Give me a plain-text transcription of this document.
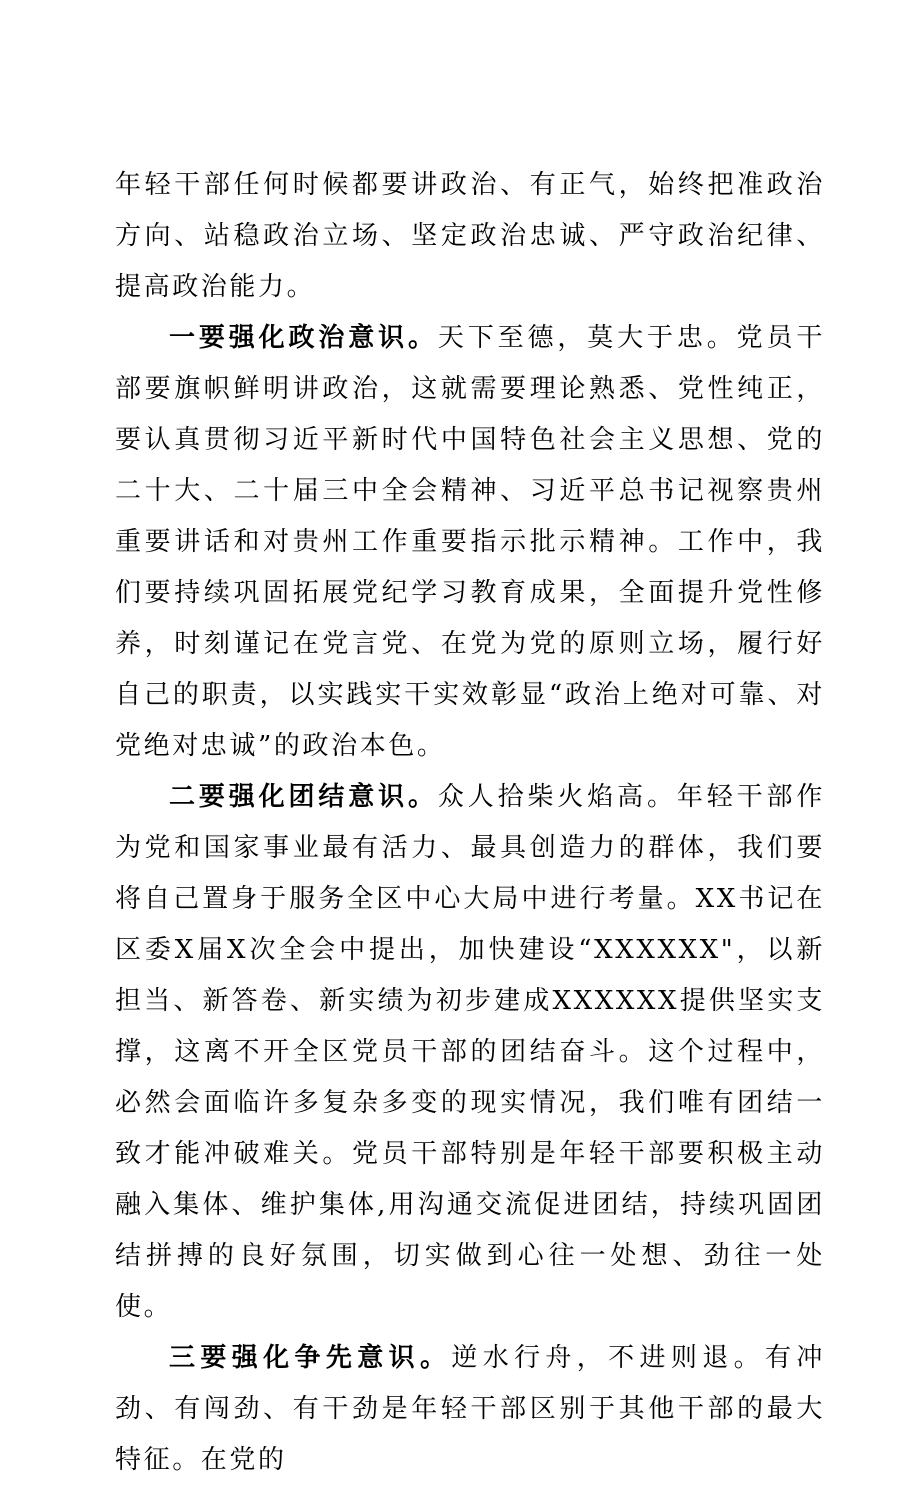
年轻干部任何时候都要讲政治、有正气，始终把准政治方向、站稳政治立场、坚定政治忠诚、严守政治纪律、提高政治能力。

一要强化政治意识。天下至德，莫大于忠。党员干部要旗帜鲜明讲政治，这就需要理论熟悉、党性纯正，要认真贯彻习近平新时代中国特色社会主义思想、党的二十大、二十届三中全会精神、习近平总书记视察贵州重要讲话和对贵州工作重要指示批示精神。工作中，我们要持续巩固拓展党纪学习教育成果，全面提升党性修养，时刻谨记在党言党、在党为党的原则立场，履行好自己的职责，以实践实干实效彰显“政治上绝对可靠、对党绝对忠诚”的政治本色。

二要强化团结意识。众人拾柴火焰高。年轻干部作为党和国家事业最有活力、最具创造力的群体，我们要将自己置身于服务全区中心大局中进行考量。XX书记在区委X届X次全会中提出，加快建设“XXXXXX"，以新担当、新答卷、新实绩为初步建成XXXXXX提供坚实支撑，这离不开全区党员干部的团结奋斗。这个过程中，必然会面临许多复杂多变的现实情况，我们唯有团结一致才能冲破难关。党员干部特别是年轻干部要积极主动融入集体、维护集体,用沟通交流促进团结，持续巩固团结拼搏的良好氛围，切实做到心往一处想、劲往一处使。

三要强化争先意识。逆水行舟，不进则退。有冲劲、有闯劲、有干劲是年轻干部区别于其他干部的最大特征。在党的
